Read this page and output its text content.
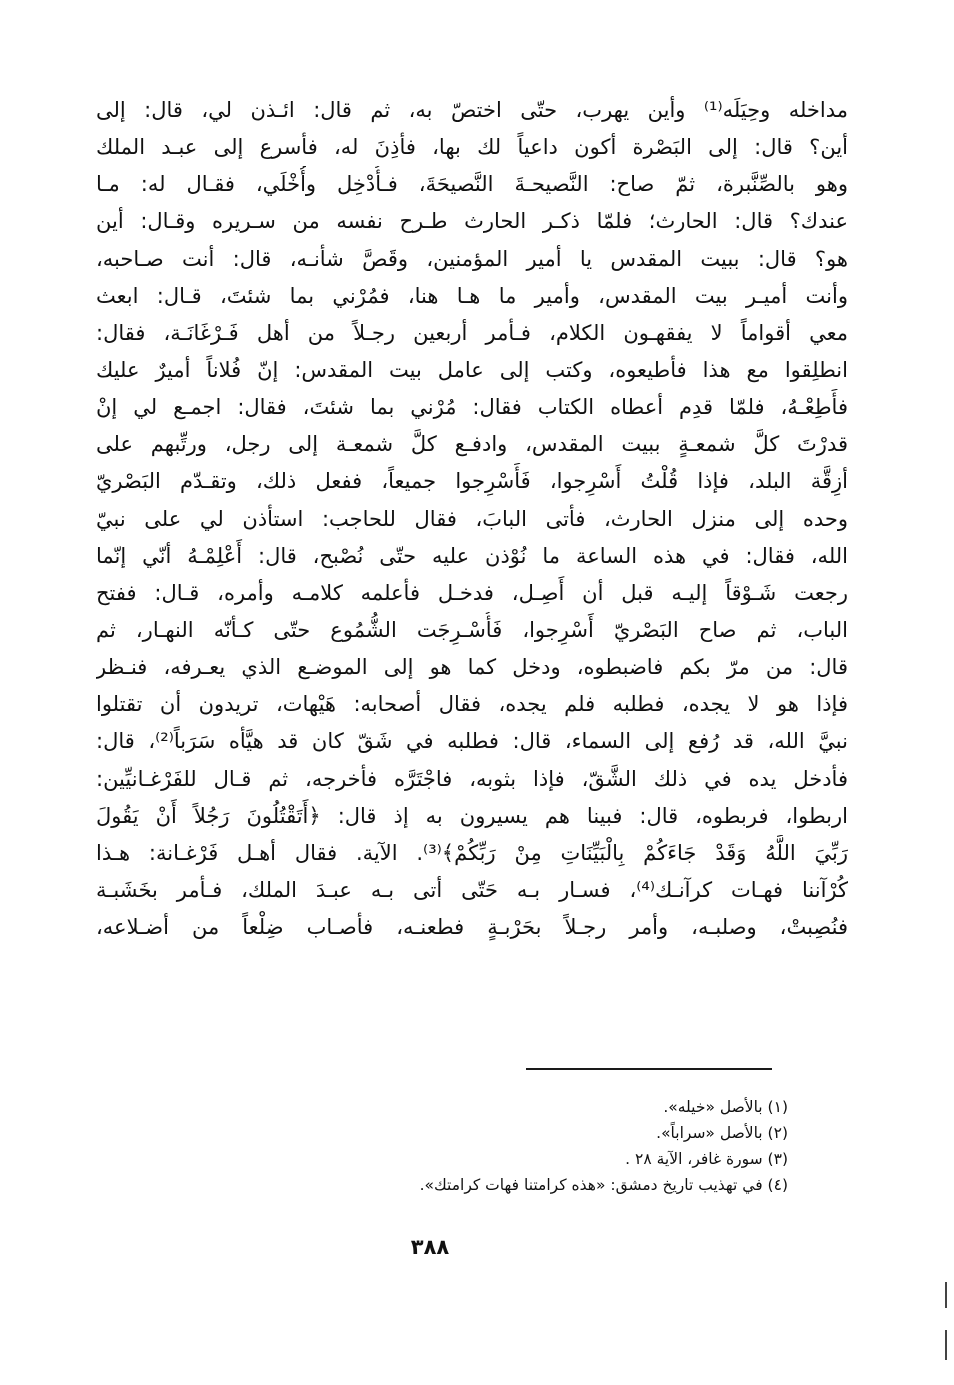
مداخله وحِيَلَه⁽¹⁾ وأين يهرب، حتّى اختصّ به، ثم قال: ائـذن لي، قال: إلى
أين؟ قال: إلى البَصْرة أكون داعياً لك بها، فأذِنَ له، فأسرع إلى عبـد الملك
وهو بالصِّنَّبرة، ثمّ صاح: النَّصيحـةَ النَّصيحَةَ، فـأُدْخِل وأُخْلَي، فقـال له: مـا
عندك؟ قال: الحارث؛ فلمّا ذكـر الحارث طـرح نفسه من سـريره وقـال: أين
هو؟ قال: ببيت المقدس يا أمير المؤمنين، وقَصَّ شأنـه، قال: أنت صـاحبه،
وأنت أميـر بيت المقدس، وأمير ما هـا هنا، فمُرْني بما شئتَ، قـال: ابعث
معي أقواماً لا يفقهـون الكلام، فـأمر أربعين رجـلاً من أهل فَـرْغَانَـة، فقال:
انطلِقوا مع هذا فأطيعوه، وكتب إلى عامل بيت المقدس: إنّ فُلاناً أميرٌ عليك
فأَطِعْـهُ، فلمّا قدِم أعطاه الكتاب فقال: مُرْني بما شئتَ، فقال: اجمـع لي إنْ
قدرْتَ كلَّ شمعـةٍ ببيت المقدس، وادفـع كلَّ شمعـة إلى رجل، ورتِّبهم على
أزِقَّة البلد، فإذا قُلْتُ أَسْرِجوا، فَأَسْرِجوا جميعاً، ففعل ذلك، وتقـدّم البَصْريّ
وحده إلى منزل الحارث، فأتى البابَ، فقال للحاجب: استأذن لي على نبيّ
الله، فقال: في هذه الساعة ما نُوْذن عليه حتّى نُصْبح، قال: أَعْلِمْـهُ أنّي إنّما
رجعت شَـوْقاً إليـه قبل أن أَصِـل، فدخـل فأعلمه كلامـه وأمره، قـال: ففتح
الباب، ثم صاح البَصْريّ أَسْرِجوا، فَأُسْـرِجَت الشُّمُوع حتّى كـأنّه النهـار، ثم
قال: من مرّ بكم فاضبطوه، ودخل كما هو إلى الموضـع الذي يعـرفه، فنـظر
فإذا هو لا يجده، فطلبه فلم يجده، فقال أصحابه: هَيْهات، تريدون أن تقتلوا
نبيَّ الله، قد رُفع إلى السماء، قال: فطلبه في شَقّ كان قد هيَّأه سَرَباً⁽²⁾، قال:
فأدخل يده في ذلك الشَّقّ، فإذا بثوبه، فاجْتَرَّه فأخرجه، ثم قـال للفَرْغـانيِّين:
اربطوا، فربطوه، قال: فبينا هم يسيرون به إذ قال: ﴿أَتَقْتُلُونَ رَجُلاً أَنْ يَقُولَ
رَبِّيَ اللَّهُ وَقَدْ جَاءَكُمْ بِالْبَيِّنَاتِ مِنْ رَبِّكُمْ﴾⁽³⁾. الآية. فقال أهـل فَرْغـانة: هـذا
كُرْآننا فهـات كرآنـك⁽⁴⁾، فسـار بـه حَتّى أتى بـه عبـدَ الملك، فـأمر بخَشَبـة
فنُصِبتْ، وصلبـه، وأمر رجـلاً بحَرْبـةٍ فطعنـه، فأصـاب ضِلْعاً من أضـلاعه،
(١) بالأصل «خيله».
(٢) بالأصل «سراباً».
(٣) سورة غافر، الآية ٢٨ .
(٤) في تهذيب تاريخ دمشق: «هذه كرامتنا فهات كرامتك».
٣٨٨
